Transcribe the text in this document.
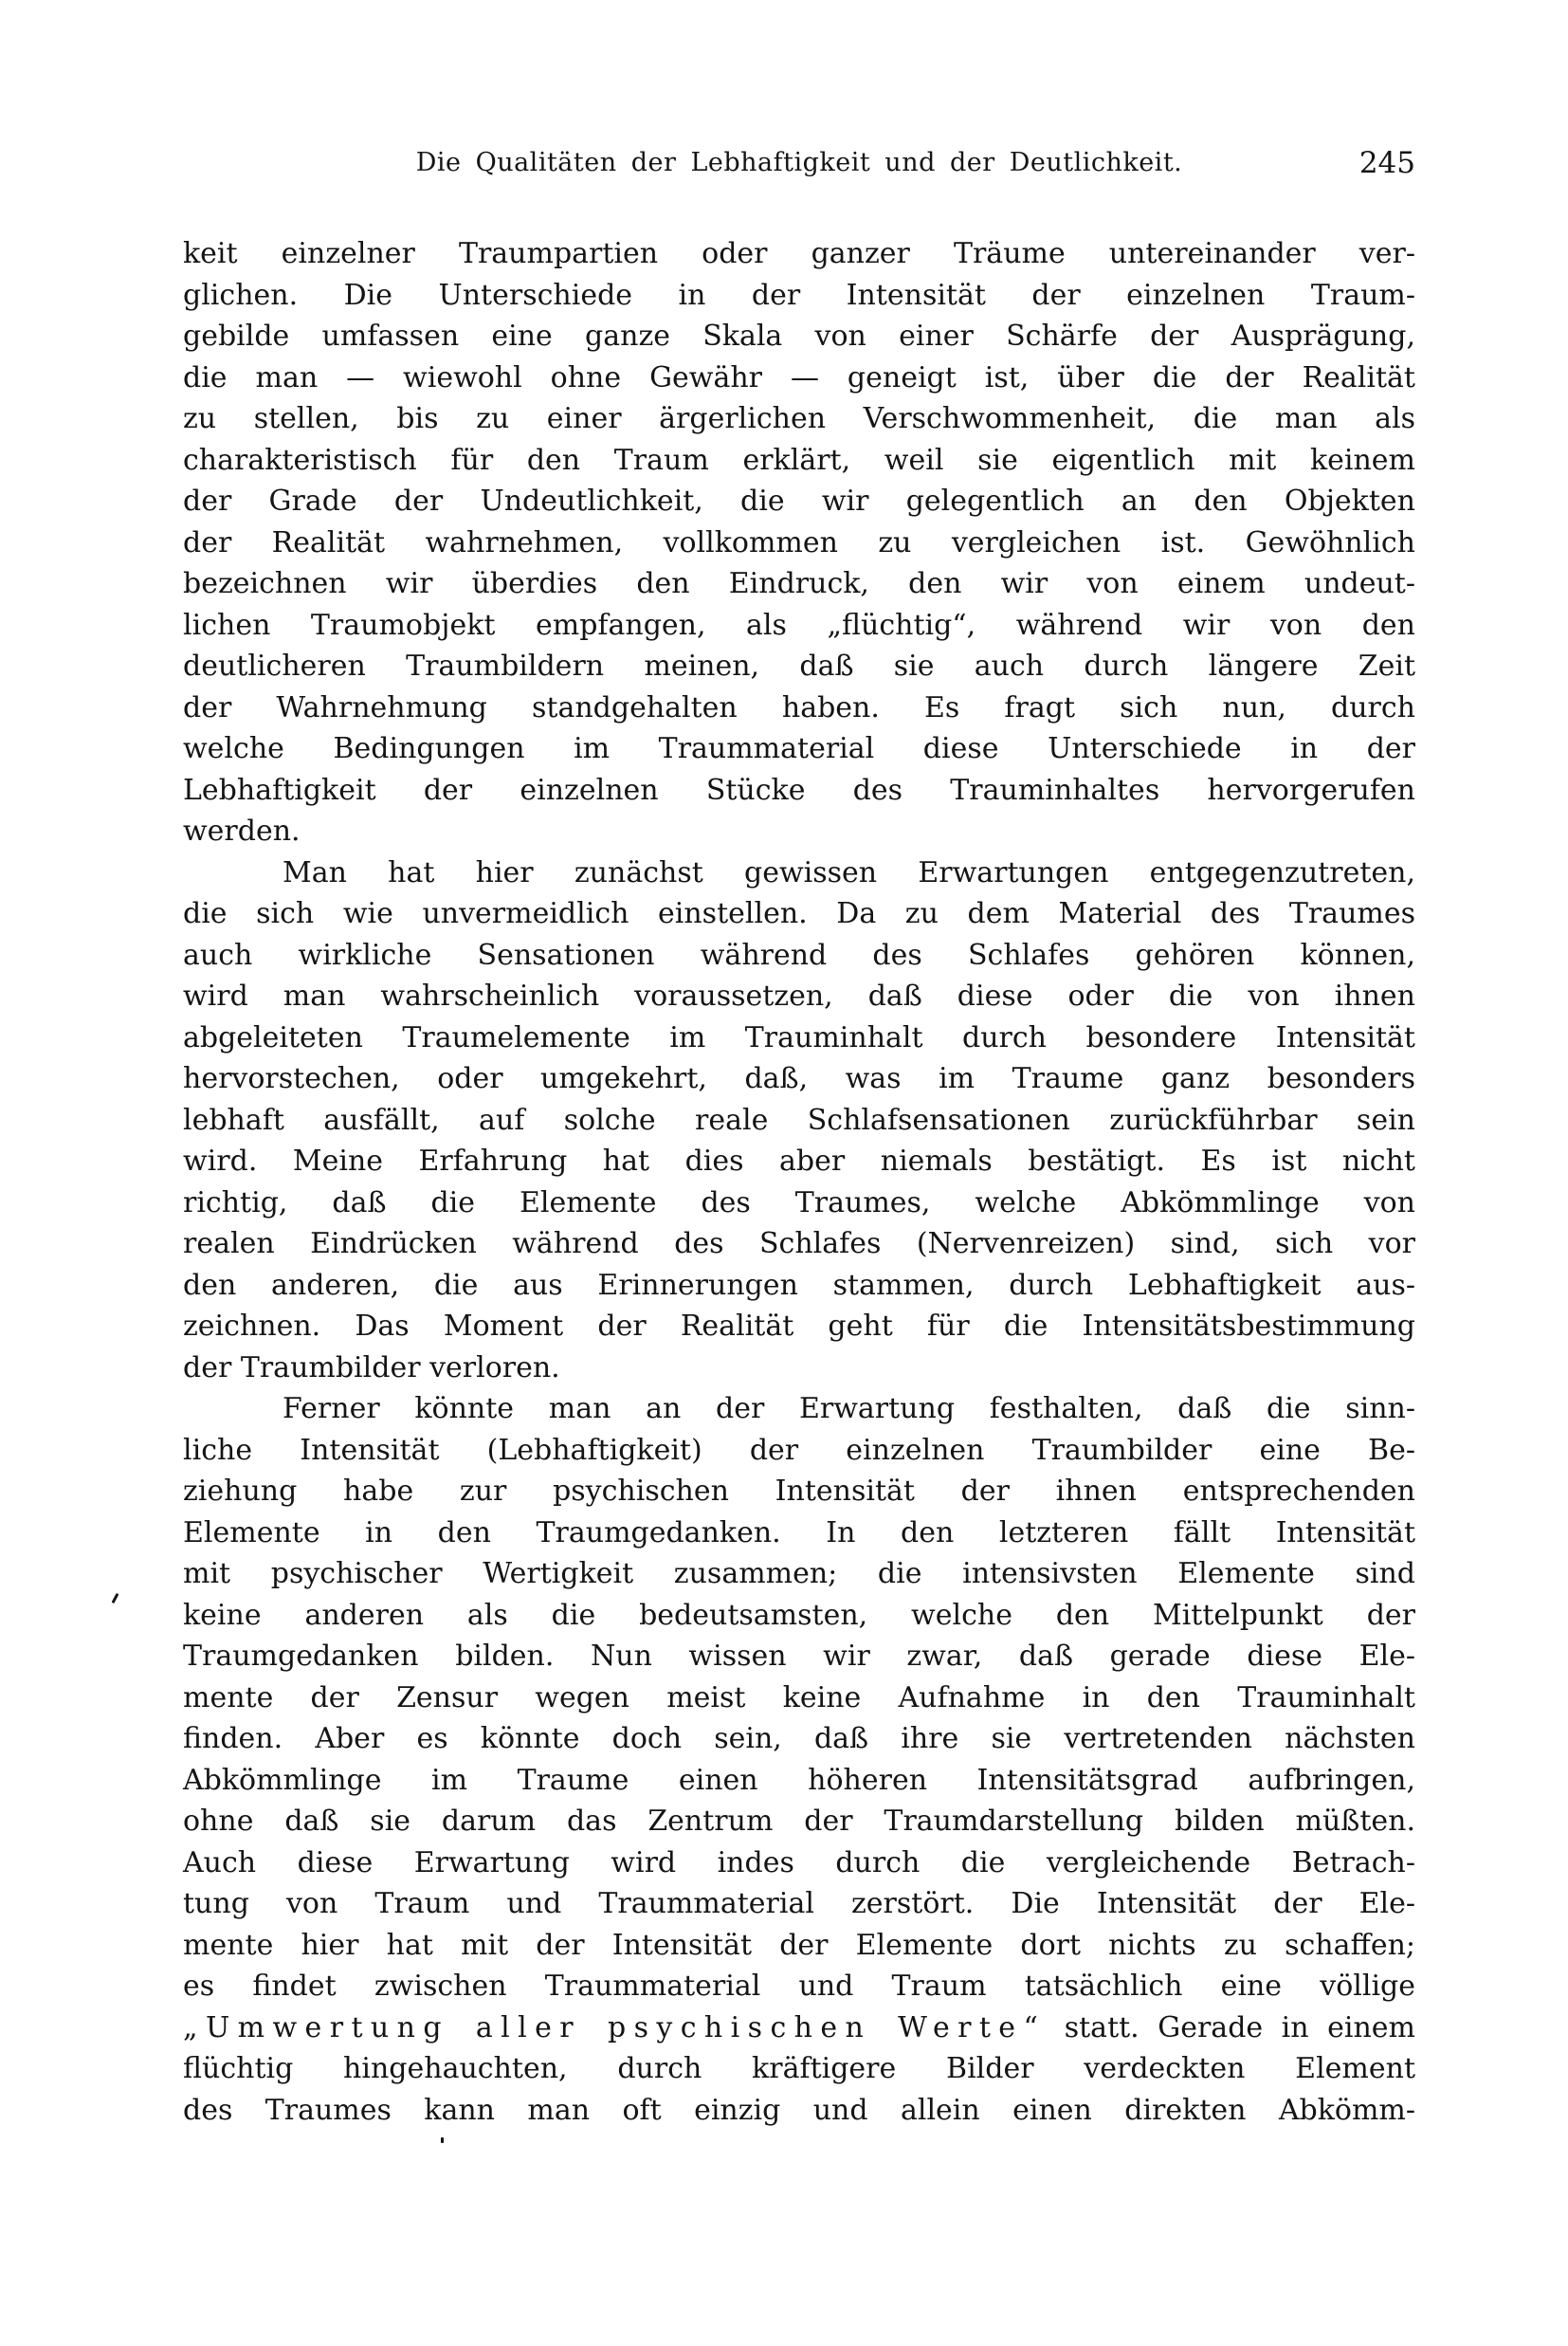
Die Qualitäten der Lebhaftigkeit und der Deutlichkeit.	245
keit einzelner Traumpartien oder ganzer Träume untereinander ver-
glichen. Die Unterschiede in der Intensität der einzelnen Traum-
gebilde umfassen eine ganze Skala von einer Schärfe der Ausprägung,
die man — wiewohl ohne Gewähr — geneigt ist, über die der Realität
zu stellen, bis zu einer ärgerlichen Verschwommenheit, die man als
charakteristisch für den Traum erklärt, weil sie eigentlich mit keinem
der Grade der Undeutlichkeit, die wir gelegentlich an den Objekten
der Realität wahrnehmen, vollkommen zu vergleichen ist. Gewöhnlich
bezeichnen wir überdies den Eindruck, den wir von einem undeut-
lichen Traumobjekt empfangen, als „flüchtig“, während wir von den
deutlicheren Traumbildern meinen, daß sie auch durch längere Zeit
der Wahrnehmung standgehalten haben. Es fragt sich nun, durch
welche Bedingungen im Traummaterial diese Unterschiede in der
Lebhaftigkeit der einzelnen Stücke des Trauminhaltes hervorgerufen
werden.
Man hat hier zunächst gewissen Erwartungen entgegenzutreten,
die sich wie unvermeidlich einstellen. Da zu dem Material des Traumes
auch wirkliche Sensationen während des Schlafes gehören können,
wird man wahrscheinlich voraussetzen, daß diese oder die von ihnen
abgeleiteten Traumelemente im Trauminhalt durch besondere Intensität
hervorstechen, oder umgekehrt, daß, was im Traume ganz besonders
lebhaft ausfällt, auf solche reale Schlafsensationen zurückführbar sein
wird. Meine Erfahrung hat dies aber niemals bestätigt. Es ist nicht
richtig, daß die Elemente des Traumes, welche Abkömmlinge von
realen Eindrücken während des Schlafes (Nervenreizen) sind, sich vor
den anderen, die aus Erinnerungen stammen, durch Lebhaftigkeit aus-
zeichnen. Das Moment der Realität geht für die Intensitätsbestimmung
der Traumbilder verloren.
Ferner könnte man an der Erwartung festhalten, daß die sinn-
liche Intensität (Lebhaftigkeit) der einzelnen Traumbilder eine Be-
ziehung habe zur psychischen Intensität der ihnen entsprechenden
Elemente in den Traumgedanken. In den letzteren fällt Intensität
mit psychischer Wertigkeit zusammen; die intensivsten Elemente sind
keine anderen als die bedeutsamsten, welche den Mittelpunkt der
Traumgedanken bilden. Nun wissen wir zwar, daß gerade diese Ele-
mente der Zensur wegen meist keine Aufnahme in den Trauminhalt
finden. Aber es könnte doch sein, daß ihre sie vertretenden nächsten
Abkömmlinge im Traume einen höheren Intensitätsgrad aufbringen,
ohne daß sie darum das Zentrum der Traumdarstellung bilden müßten.
Auch diese Erwartung wird indes durch die vergleichende Betrach-
tung von Traum und Traummaterial zerstört. Die Intensität der Ele-
mente hier hat mit der Intensität der Elemente dort nichts zu schaffen;
es findet zwischen Traummaterial und Traum tatsächlich eine völlige
„Umwertung aller psychischen Werte“ statt. Gerade in einem
flüchtig hingehauchten, durch kräftigere Bilder verdeckten Element
des Traumes kann man oft einzig und allein einen direkten Abkömm-
